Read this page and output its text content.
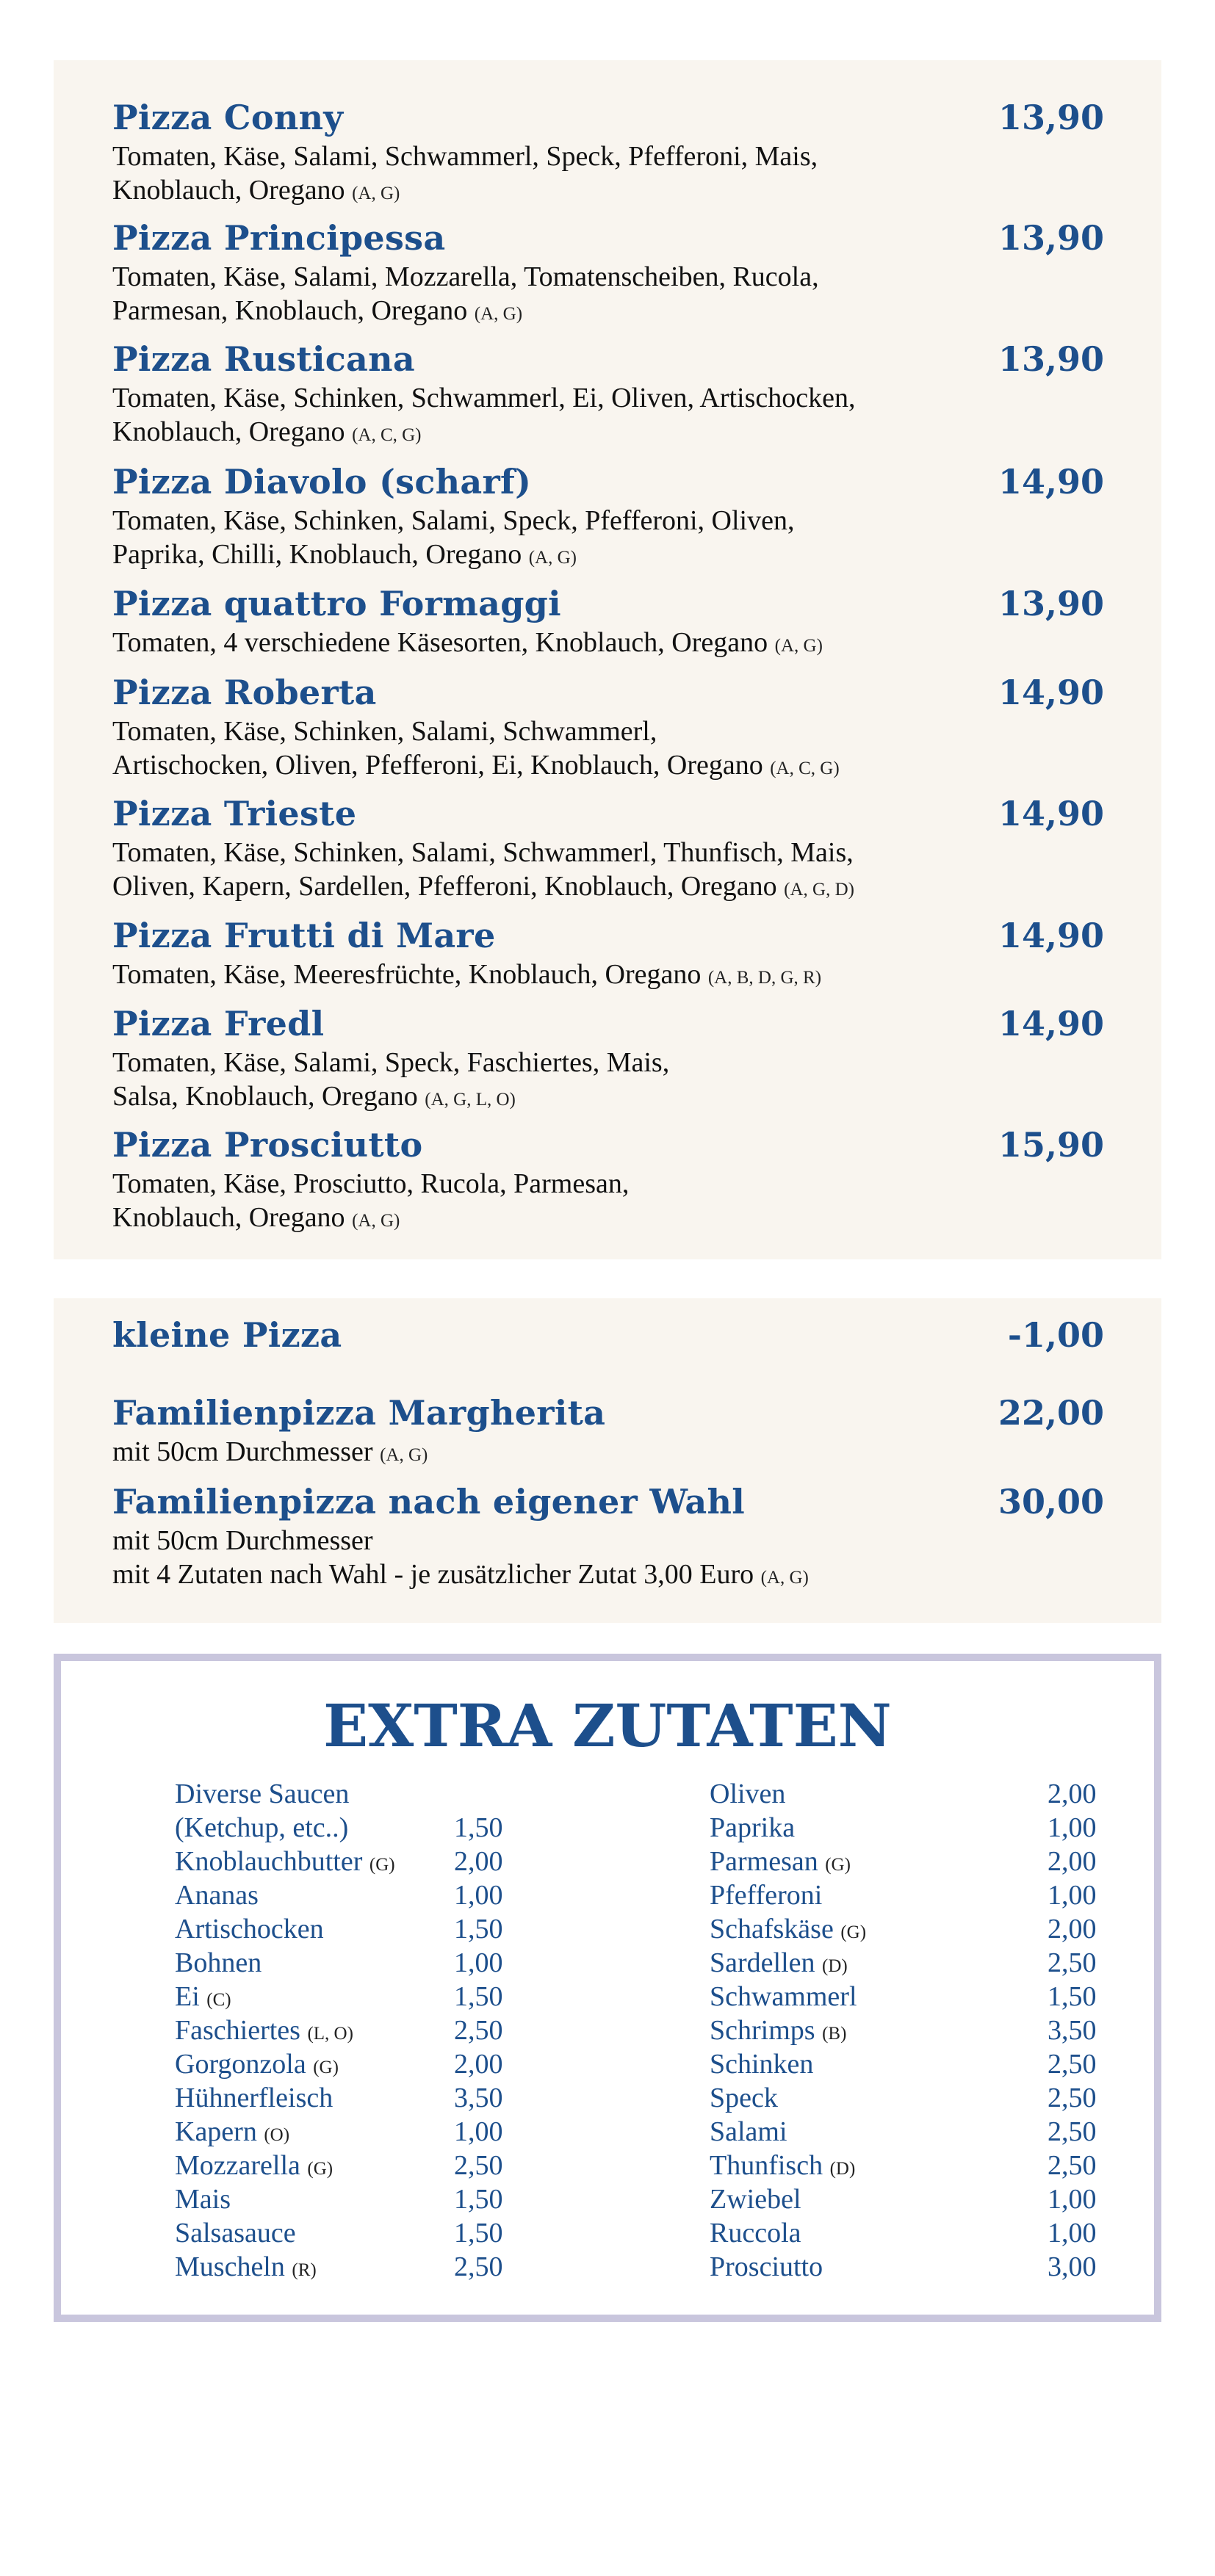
Pizza Conny	13,90
Tomaten, Käse, Salami, Schwammerl, Speck, Pfefferoni, Mais,
Knoblauch, Oregano (A, G)
Pizza Principessa	13,90
Tomaten, Käse, Salami, Mozzarella, Tomatenscheiben, Rucola,
Parmesan, Knoblauch, Oregano (A, G)
Pizza Rusticana	13,90
Tomaten, Käse, Schinken, Schwammerl, Ei, Oliven, Artischocken,
Knoblauch, Oregano (A, C, G)
Pizza Diavolo (scharf)	14,90
Tomaten, Käse, Schinken, Salami, Speck, Pfefferoni, Oliven,
Paprika, Chilli, Knoblauch, Oregano (A, G)
Pizza quattro Formaggi	13,90
Tomaten, 4 verschiedene Käsesorten, Knoblauch, Oregano (A, G)
Pizza Roberta	14,90
Tomaten, Käse, Schinken, Salami, Schwammerl,
Artischocken, Oliven, Pfefferoni, Ei, Knoblauch, Oregano (A, C, G)
Pizza Trieste	14,90
Tomaten, Käse, Schinken, Salami, Schwammerl, Thunfisch, Mais,
Oliven, Kapern, Sardellen, Pfefferoni, Knoblauch, Oregano (A, G, D)
Pizza Frutti di Mare	14,90
Tomaten, Käse, Meeresfrüchte, Knoblauch, Oregano (A, B, D, G, R)
Pizza Fredl	14,90
Tomaten, Käse, Salami, Speck, Faschiertes, Mais,
Salsa, Knoblauch, Oregano (A, G, L, O)
Pizza Prosciutto	15,90
Tomaten, Käse, Prosciutto, Rucola, Parmesan,
Knoblauch, Oregano (A, G)
kleine Pizza	-1,00
Familienpizza Margherita	22,00
mit 50cm Durchmesser (A, G)
Familienpizza nach eigener Wahl	30,00
mit 50cm Durchmesser
mit 4 Zutaten nach Wahl - je zusätzlicher Zutat 3,00 Euro (A, G)
EXTRA ZUTATEN
Diverse Saucen
(Ketchup, etc..)	1,50
Knoblauchbutter (G) 2,00
Ananas	1,00
Artischocken	1,50
Bohnen	1,00
Ei (C)	1,50
Faschiertes (L, O)	2,50
Gorgonzola (G)	2,00
Hühnerfleisch	3,50
Kapern (O)	1,00
Mozzarella (G)	2,50
Mais	1,50
Salsasauce	1,50
Muscheln (R)	2,50
Oliven	2,00
Paprika	1,00
Parmesan (G)	2,00
Pfefferoni	1,00
Schafskäse (G)	2,00
Sardellen (D)	2,50
Schwammerl	1,50
Schrimps (B)	3,50
Schinken	2,50
Speck	2,50
Salami	2,50
Thunfisch (D)	2,50
Zwiebel	1,00
Ruccola	1,00
Prosciutto	3,00
